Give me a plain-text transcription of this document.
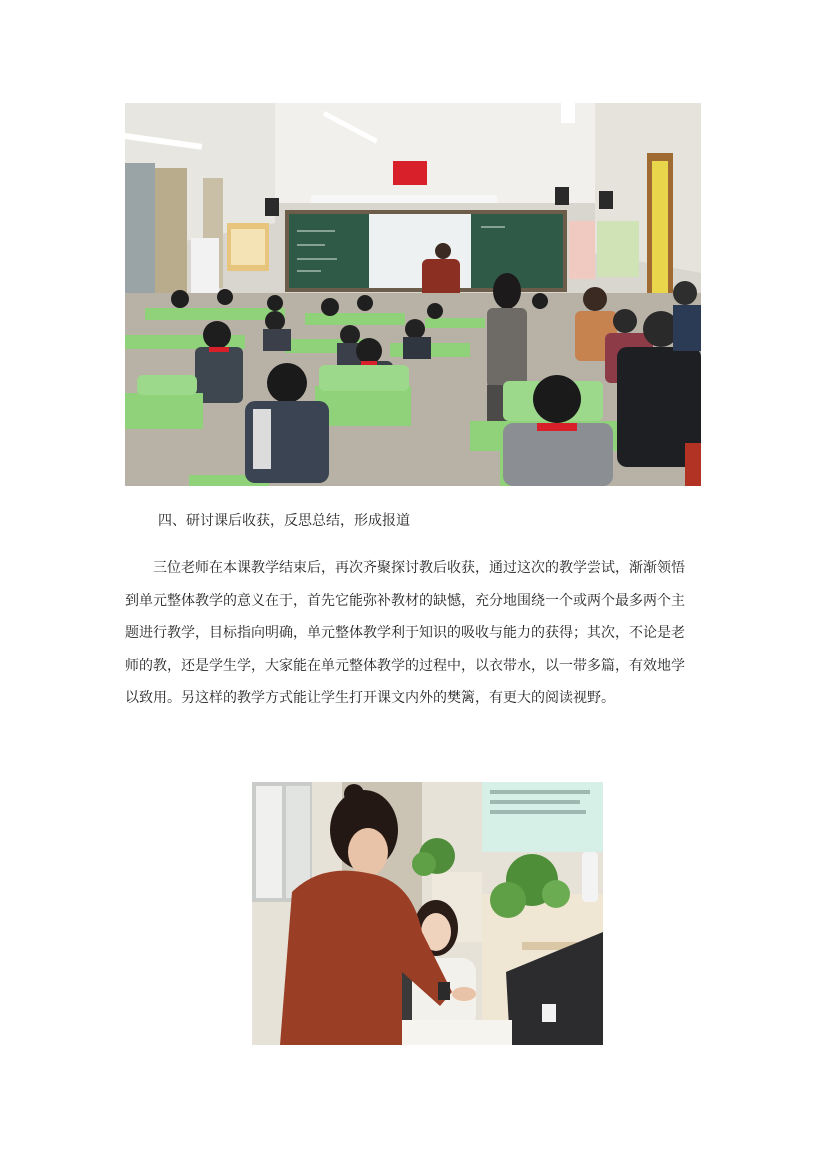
四、研讨课后收获，反思总结，形成报道
三位老师在本课教学结束后，再次齐聚探讨教后收获，通过这次的教学尝试，渐渐领悟
到单元整体教学的意义在于，首先它能弥补教材的缺憾，充分地围绕一个或两个最多两个主
题进行教学，目标指向明确，单元整体教学利于知识的吸收与能力的获得；其次，不论是老
师的教，还是学生学，大家能在单元整体教学的过程中，以衣带水，以一带多篇，有效地学
以致用。另这样的教学方式能让学生打开课文内外的樊篱，有更大的阅读视野。
